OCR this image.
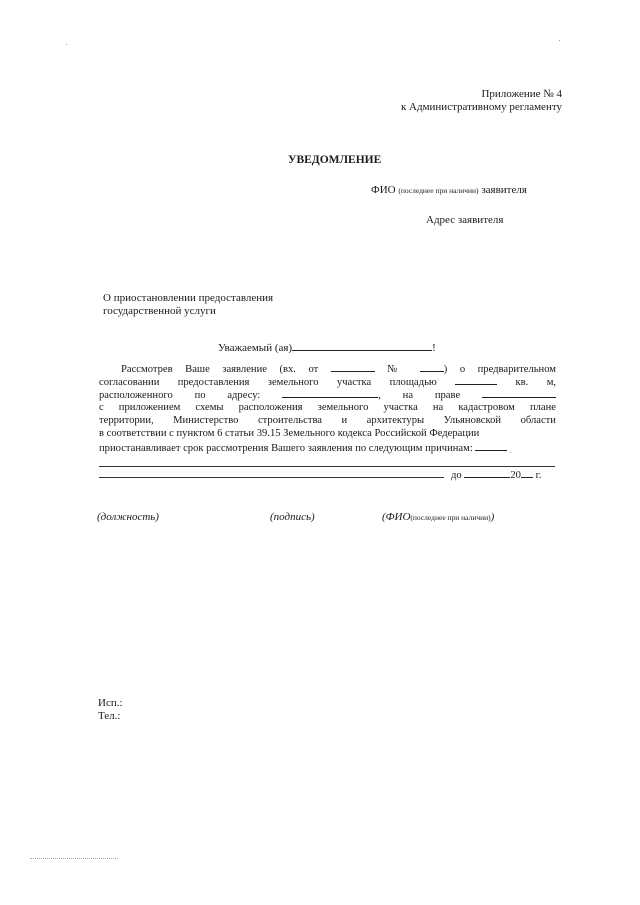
Приложение № 4
к Административному регламенту
УВЕДОМЛЕНИЕ
ФИО (последнее при наличии) заявителя
Адрес заявителя
О приостановлении предоставления
государственной услуги
Уважаемый (ая)	!
Рассмотрев Ваше заявление (вх. от	№	) о предварительном
согласовании предоставления земельного участка площадью	кв. м,
расположенного по адресу:	, на праве
с приложением схемы расположения земельного участка на кадастровом плане
территории, Министерство строительства и архитектуры Ульяновской области
в соответствии с пунктом 6 статьи 39.15 Земельного кодекса Российской Федерации
приостанавливает срок рассмотрения Вашего заявления по следующим причинам:
до	20 г.
(должность)	(подпись)	(ФИО(последнее при наличии))
Исп.:
Тел.:
